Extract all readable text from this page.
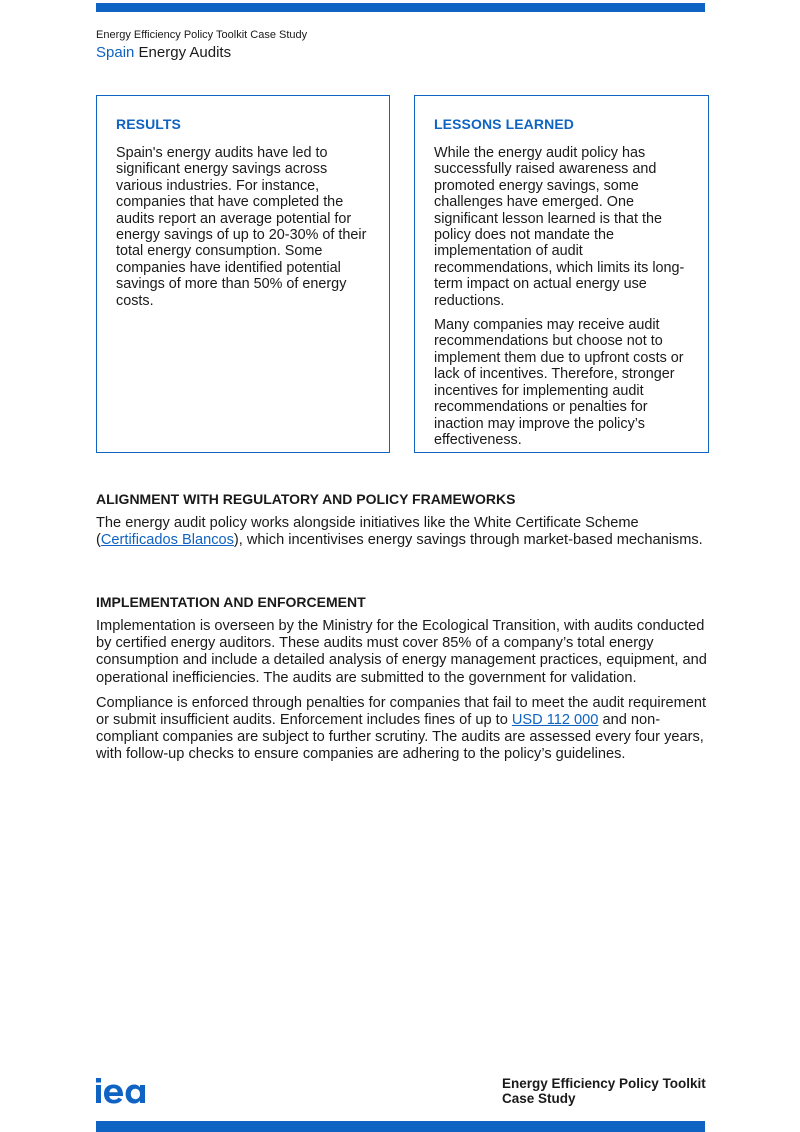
Energy Efficiency Policy Toolkit Case Study
Spain Energy Audits
RESULTS

Spain's energy audits have led to significant energy savings across various industries. For instance, companies that have completed the audits report an average potential for energy savings of up to 20-30% of their total energy consumption. Some companies have identified potential savings of more than 50% of energy costs.

LESSONS LEARNED

While the energy audit policy has successfully raised awareness and promoted energy savings, some challenges have emerged. One significant lesson learned is that the policy does not mandate the implementation of audit recommendations, which limits its long-term impact on actual energy use reductions.

Many companies may receive audit recommendations but choose not to implement them due to upfront costs or lack of incentives. Therefore, stronger incentives for implementing audit recommendations or penalties for inaction may improve the policy’s effectiveness.

ALIGNMENT WITH REGULATORY AND POLICY FRAMEWORKS

The energy audit policy works alongside initiatives like the White Certificate Scheme (Certificados Blancos), which incentivises energy savings through market-based mechanisms.

IMPLEMENTATION AND ENFORCEMENT

Implementation is overseen by the Ministry for the Ecological Transition, with audits conducted by certified energy auditors. These audits must cover 85% of a company’s total energy consumption and include a detailed analysis of energy management practices, equipment, and operational inefficiencies. The audits are submitted to the government for validation.

Compliance is enforced through penalties for companies that fail to meet the audit requirement or submit insufficient audits. Enforcement includes fines of up to USD 112 000 and non-compliant companies are subject to further scrutiny. The audits are assessed every four years, with follow-up checks to ensure companies are adhering to the policy’s guidelines.

Energy Efficiency Policy Toolkit
Case Study
